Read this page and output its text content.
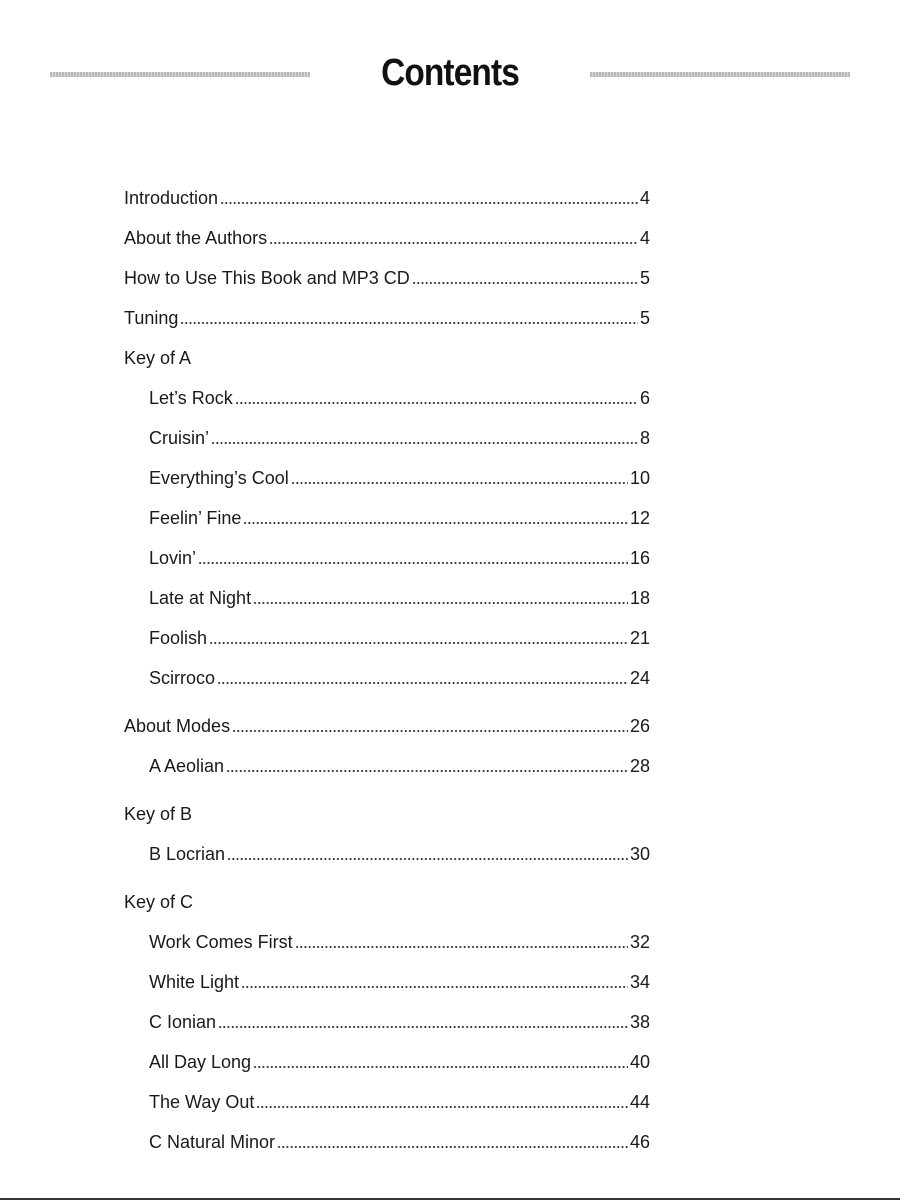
Contents
Introduction	4
About the Authors	4
How to Use This Book and MP3 CD	5
Tuning	5
Key of A
Let’s Rock	6
Cruisin’	8
Everything’s Cool	10
Feelin’ Fine	12
Lovin’	16
Late at Night	18
Foolish	21
Scirroco	24
About Modes	26
A Aeolian	28
Key of B
B Locrian	30
Key of C
Work Comes First	32
White Light	34
C Ionian	38
All Day Long	40
The Way Out	44
C Natural Minor	46
